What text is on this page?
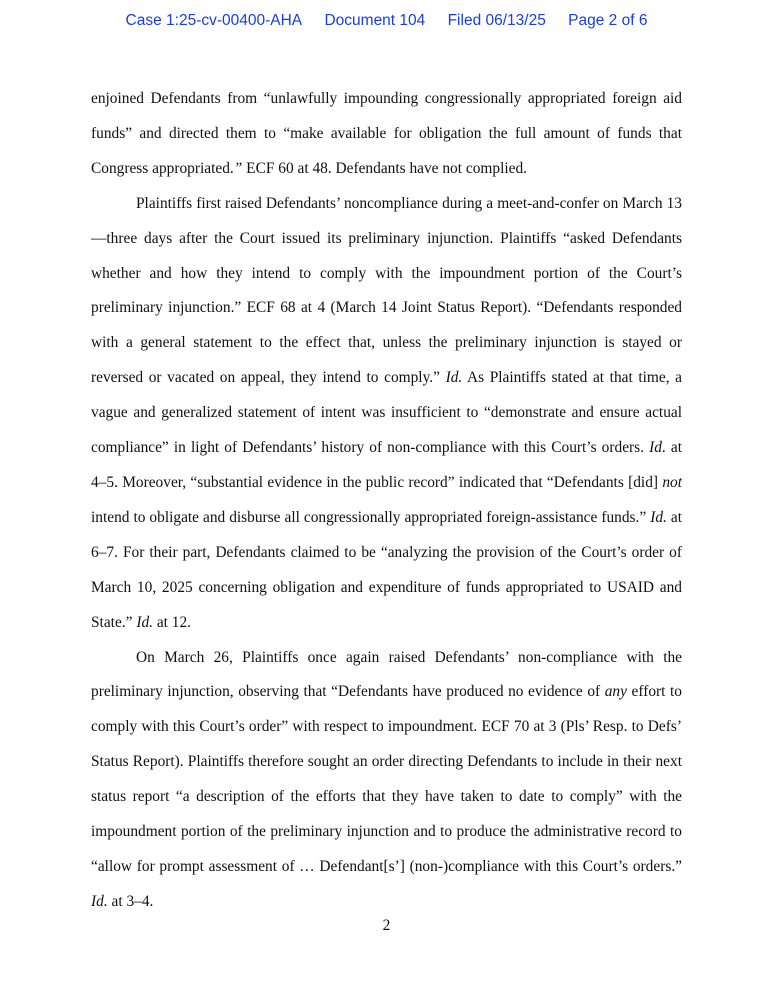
Case 1:25-cv-00400-AHA Document 104 Filed 06/13/25 Page 2 of 6

enjoined Defendants from “unlawfully impounding congressionally appropriated foreign aid funds” and directed them to “make available for obligation the full amount of funds that Congress appropriated.” ECF 60 at 48. Defendants have not complied.

Plaintiffs first raised Defendants’ noncompliance during a meet-and-confer on March 13—three days after the Court issued its preliminary injunction. Plaintiffs “asked Defendants whether and how they intend to comply with the impoundment portion of the Court’s preliminary injunction.” ECF 68 at 4 (March 14 Joint Status Report). “Defendants responded with a general statement to the effect that, unless the preliminary injunction is stayed or reversed or vacated on appeal, they intend to comply.” Id. As Plaintiffs stated at that time, a vague and generalized statement of intent was insufficient to “demonstrate and ensure actual compliance” in light of Defendants’ history of non-compliance with this Court’s orders. Id. at 4–5. Moreover, “substantial evidence in the public record” indicated that “Defendants [did] not intend to obligate and disburse all congressionally appropriated foreign-assistance funds.” Id. at 6–7. For their part, Defendants claimed to be “analyzing the provision of the Court’s order of March 10, 2025 concerning obligation and expenditure of funds appropriated to USAID and State.” Id. at 12.

On March 26, Plaintiffs once again raised Defendants’ non-compliance with the preliminary injunction, observing that “Defendants have produced no evidence of any effort to comply with this Court’s order” with respect to impoundment. ECF 70 at 3 (Pls’ Resp. to Defs’ Status Report). Plaintiffs therefore sought an order directing Defendants to include in their next status report “a description of the efforts that they have taken to date to comply” with the impoundment portion of the preliminary injunction and to produce the administrative record to “allow for prompt assessment of … Defendant[s’] (non-)compliance with this Court’s orders.” Id. at 3–4.

2
